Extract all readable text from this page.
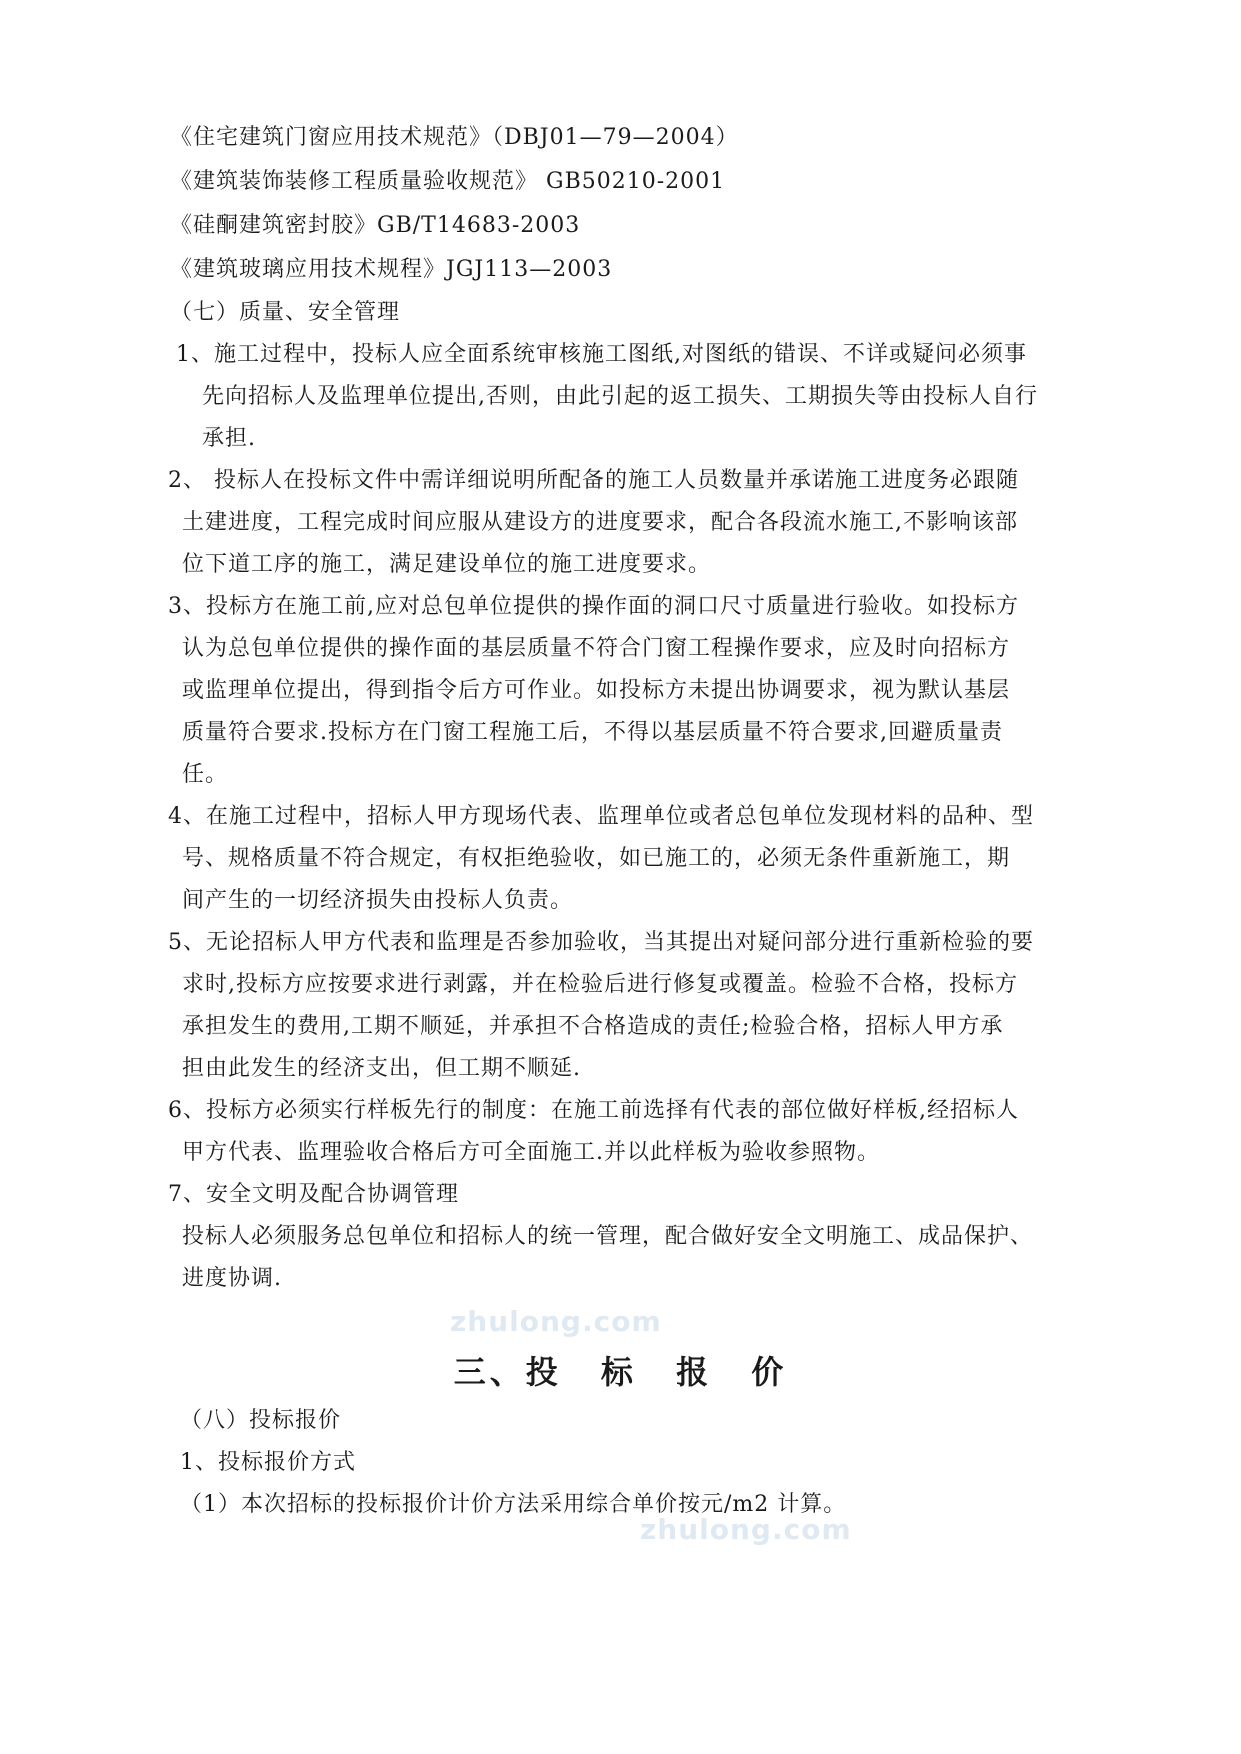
《住宅建筑门窗应用技术规范》（DBJ01—79—2004）
《建筑装饰装修工程质量验收规范》 GB50210-2001
《硅酮建筑密封胶》GB/T14683-2003
《建筑玻璃应用技术规程》JGJ113—2003
（七）质量、安全管理
1、施工过程中，投标人应全面系统审核施工图纸,对图纸的错误、不详或疑问必须事
先向招标人及监理单位提出,否则，由此引起的返工损失、工期损失等由投标人自行
承担.
2、 投标人在投标文件中需详细说明所配备的施工人员数量并承诺施工进度务必跟随
土建进度，工程完成时间应服从建设方的进度要求，配合各段流水施工,不影响该部
位下道工序的施工，满足建设单位的施工进度要求。
3、投标方在施工前,应对总包单位提供的操作面的洞口尺寸质量进行验收。如投标方
认为总包单位提供的操作面的基层质量不符合门窗工程操作要求，应及时向招标方
或监理单位提出，得到指令后方可作业。如投标方未提出协调要求，视为默认基层
质量符合要求.投标方在门窗工程施工后，不得以基层质量不符合要求,回避质量责
任。
4、在施工过程中，招标人甲方现场代表、监理单位或者总包单位发现材料的品种、型
号、规格质量不符合规定，有权拒绝验收，如已施工的，必须无条件重新施工，期
间产生的一切经济损失由投标人负责。
5、无论招标人甲方代表和监理是否参加验收，当其提出对疑问部分进行重新检验的要
求时,投标方应按要求进行剥露，并在检验后进行修复或覆盖。检验不合格，投标方
承担发生的费用,工期不顺延，并承担不合格造成的责任;检验合格，招标人甲方承
担由此发生的经济支出，但工期不顺延.
6、投标方必须实行样板先行的制度：在施工前选择有代表的部位做好样板,经招标人
甲方代表、监理验收合格后方可全面施工.并以此样板为验收参照物。
7、安全文明及配合协调管理
投标人必须服务总包单位和招标人的统一管理，配合做好安全文明施工、成品保护、
进度协调.
zhulong.com
三、投 标 报 价
（八）投标报价
1、投标报价方式
（1）本次招标的投标报价计价方法采用综合单价按元/m2 计算。
zhulong.com
